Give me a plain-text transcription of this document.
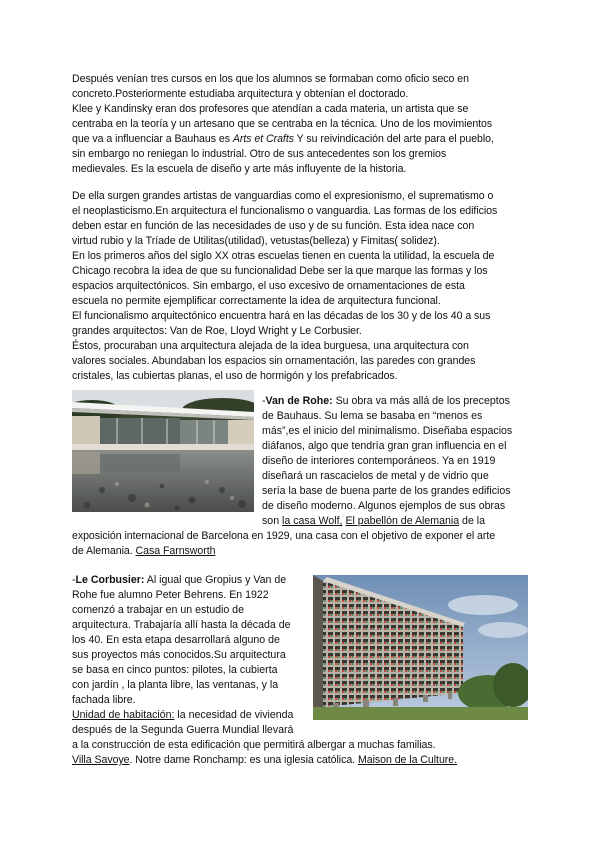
Después venían tres cursos en los que los alumnos se formaban como oficio seco en
concreto.Posteriormente estudiaba arquitectura y obtenían el doctorado.
Klee y Kandinsky eran dos profesores que atendían a cada materia, un artista que se
centraba en la teoría y un artesano que se centraba en la técnica. Uno de los movimientos
que va a influenciar a Bauhaus es Arts et Crafts Y su reivindicación del arte para el pueblo,
sin embargo no reniegan lo industrial. Otro de sus antecedentes son los gremios
medievales. Es la escuela de diseño y arte más influyente de la historia.
De ella surgen grandes artistas de vanguardias como el expresionismo, el suprematismo o
el neoplasticismo.En arquitectura el funcionalismo o vanguardia. Las formas de los edificios
deben estar en función de las necesidades de uso y de su función. Esta idea nace con
virtud rubio y la Tríade de Utilitas(utilidad), vetustas(belleza) y Fimitas( solidez).
En los primeros años del siglo XX otras escuelas tienen en cuenta la utilidad, la escuela de
Chicago recobra la idea de que su funcionalidad Debe ser la que marque las formas y los
espacios arquitectónicos. Sin embargo, el uso excesivo de ornamentaciones de esta
escuela no permite ejemplificar correctamente la idea de arquitectura funcional.
El funcionalismo arquitectónico encuentra hará en las décadas de los 30 y de los 40 a sus
grandes arquitectos: Van de Roe, Lloyd Wright y Le Corbusier.
Éstos, procuraban una arquitectura alejada de la idea burguesa, una arquitectura con
valores sociales. Abundaban los espacios sin ornamentación, las paredes con grandes
cristales, las cubiertas planas, el uso de hormigón y los prefabricados.
-Van de Rohe: Su obra va más allá de los preceptos
de Bauhaus. Su lema se basaba en “menos es
más”,es el inicio del minimalismo. Diseñaba espacios
diáfanos, algo que tendría gran gran influencia en el
diseño de interiores contemporáneos. Ya en 1919
diseñará un rascacielos de metal y de vidrio que
sería la base de buena parte de los grandes edificios
de diseño moderno. Algunos ejemplos de sus obras
son la casa Wolf, El pabellón de Alemania de la
exposición internacional de Barcelona en 1929, una casa con el objetivo de exponer el arte
de Alemania. Casa Farnsworth
-Le Corbusier: Al igual que Gropius y Van de
Rohe fue alumno Peter Behrens. En 1922
comenzó a trabajar en un estudio de
arquitectura. Trabajaría allí hasta la década de
los 40. En esta etapa desarrollará alguno de
sus proyectos más conocidos.Su arquitectura
se basa en cinco puntos: pilotes, la cubierta
con jardín , la planta libre, las ventanas, y la
fachada libre.
Unidad de habitación: la necesidad de vivienda
después de la Segunda Guerra Mundial llevará
a la construcción de esta edificación que permitirá albergar a muchas familias.
Villa Savoye. Notre dame Ronchamp: es una iglesia católica. Maison de la Culture.
